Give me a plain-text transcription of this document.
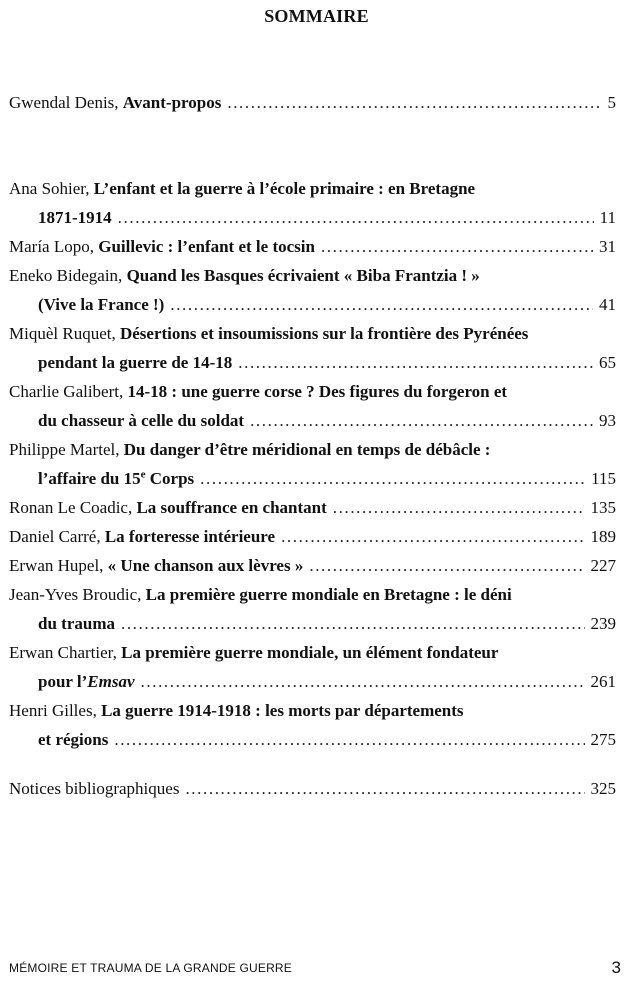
SOMMAIRE
Gwendal Denis,
Avant-propos .....	5
Ana Sohier,
L’enfant et la guerre à l’école primaire : en Bretagne
1871-1914 .....	11
María Lopo,
Guillevic : l’enfant et le tocsin .....	31
Eneko Bidegain,
Quand les Basques écrivaient « Biba Frantzia ! »
(Vive la France !) .....	41
Miquèl Ruquet,
Désertions et insoumissions sur la frontière des Pyrénées
pendant la guerre de 14-18 .....	65
Charlie Galibert,
14-18 : une guerre corse ? Des figures du forgeron et
du chasseur à celle du soldat .....	93
Philippe Martel,
Du danger d’être méridional en temps de débâcle :
l’affaire du 15e Corps .....	115
Ronan Le Coadic,
La souffrance en chantant .....	135
Daniel Carré,
La forteresse intérieure .....	189
Erwan Hupel,
« Une chanson aux lèvres » .....	227
Jean-Yves Broudic,
La première guerre mondiale en Bretagne : le déni
du trauma .....	239
Erwan Chartier,
La première guerre mondiale, un élément fondateur
pour l’Emsav .....	261
Henri Gilles,
La guerre 1914-1918 : les morts par départements
et régions .....	275
Notices bibliographiques .....	325
MÉMOIRE ET TRAUMA DE LA GRANDE GUERRE	3
